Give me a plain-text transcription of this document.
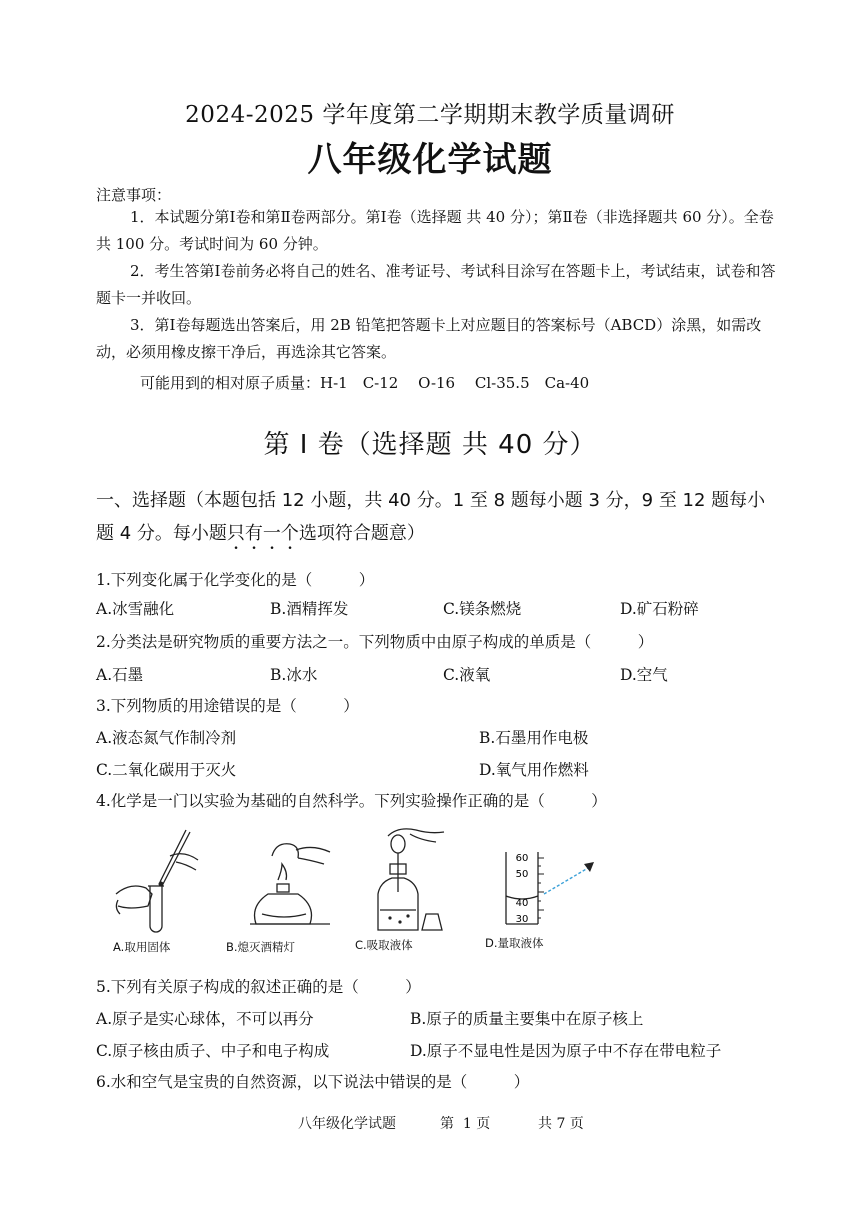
2024-2025 学年度第二学期期末教学质量调研
八年级化学试题
注意事项：
1．本试题分第Ⅰ卷和第Ⅱ卷两部分。第Ⅰ卷（选择题 共 40 分）；第Ⅱ卷（非选择题共 60 分）。全卷共 100 分。考试时间为 60 分钟。
2．考生答第Ⅰ卷前务必将自己的姓名、准考证号、考试科目涂写在答题卡上，考试结束，试卷和答题卡一并收回。
3．第Ⅰ卷每题选出答案后，用 2B 铅笔把答题卡上对应题目的答案标号（ABCD）涂黑，如需改动，必须用橡皮擦干净后，再选涂其它答案。
可能用到的相对原子质量：H-1　C-12　 O-16　 Cl-35.5　Ca-40
第 Ⅰ 卷（选择题 共 40 分）
一、选择题（本题包括 12 小题，共 40 分。1 至 8 题每小题 3 分，9 至 12 题每小题 4 分。每小题只有一个选项符合题意）
1.下列变化属于化学变化的是（　　　）
A.冰雪融化	B.酒精挥发	C.镁条燃烧	D.矿石粉碎
2.分类法是研究物质的重要方法之一。下列物质中由原子构成的单质是（　　　）
A.石墨	B.冰水	C.液氧	D.空气
3.下列物质的用途错误的是（　　　）
A.液态氮气作制冷剂	B.石墨用作电极
C.二氧化碳用于灭火	D.氧气用作燃料
4.化学是一门以实验为基础的自然科学。下列实验操作正确的是（　　　）
A.取用固体	B.熄灭酒精灯	C.吸取液体
60
50
40
30
D.量取液体
5.下列有关原子构成的叙述正确的是（　　　）
A.原子是实心球体，不可以再分	B.原子的质量主要集中在原子核上
C.原子核由质子、中子和电子构成	D.原子不显电性是因为原子中不存在带电粒子
6.水和空气是宝贵的自然资源，以下说法中错误的是（　　　）
八年级化学试题	第 1 页	共 7 页
